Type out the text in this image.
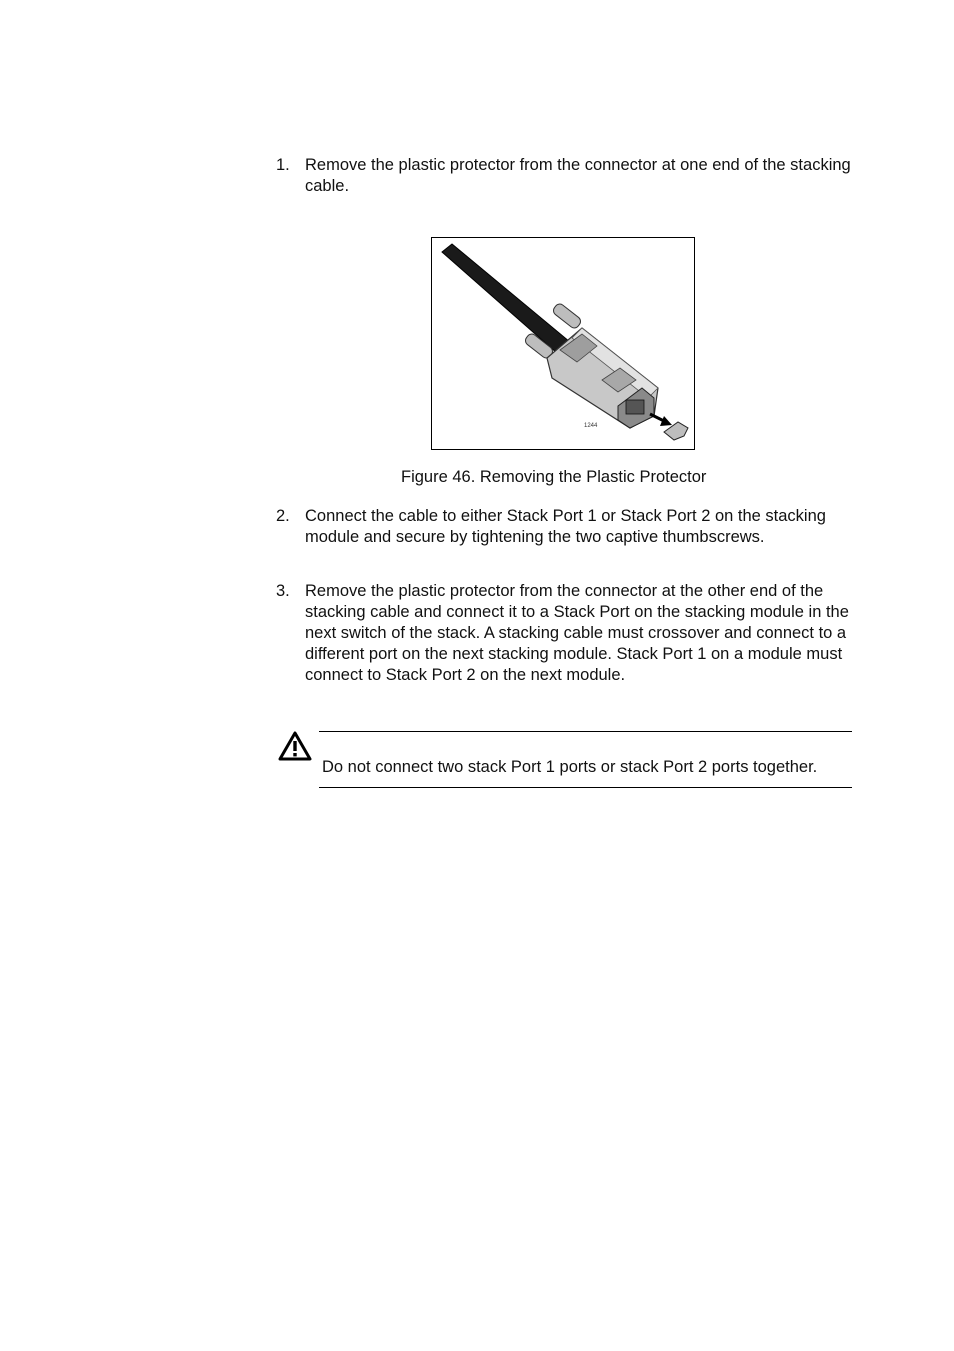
1. Remove the plastic protector from the connector at one end of the stacking cable.
1244
Figure 46. Removing the Plastic Protector
2. Connect the cable to either Stack Port 1 or Stack Port 2 on the stacking module and secure by tightening the two captive thumbscrews.
3. Remove the plastic protector from the connector at the other end of the stacking cable and connect it to a Stack Port on the stacking module in the next switch of the stack. A stacking cable must crossover and connect to a different port on the next stacking module. Stack Port 1 on a module must connect to Stack Port 2 on the next module.
Do not connect two stack Port 1 ports or stack Port 2 ports together.
